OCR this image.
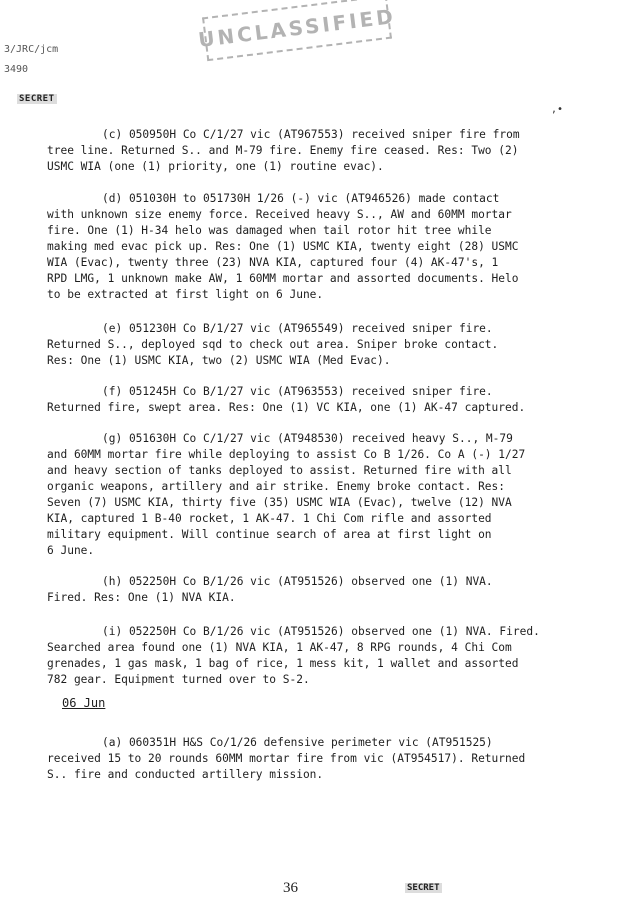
UNCLASSIFIED
3/JRC/jcm
3490
SECRET
,•

(c) 050950H Co C/1/27 vic (AT967553) received sniper fire from

tree line. Returned S.. and M-79 fire. Enemy fire ceased. Res: Two (2)

USMC WIA (one (1) priority, one (1) routine evac).

(d) 051030H to 051730H 1/26 (-) vic (AT946526) made contact

with unknown size enemy force. Received heavy S.., AW and 60MM mortar

fire. One (1) H-34 helo was damaged when tail rotor hit tree while

making med evac pick up. Res: One (1) USMC KIA, twenty eight (28) USMC

WIA (Evac), twenty three (23) NVA KIA, captured four (4) AK-47's, 1

RPD LMG, 1 unknown make AW, 1 60MM mortar and assorted documents. Helo

to be extracted at first light on 6 June.

(e) 051230H Co B/1/27 vic (AT965549) received sniper fire.

Returned S.., deployed sqd to check out area. Sniper broke contact.

Res: One (1) USMC KIA, two (2) USMC WIA (Med Evac).

(f) 051245H Co B/1/27 vic (AT963553) received sniper fire.

Returned fire, swept area. Res: One (1) VC KIA, one (1) AK-47 captured.

(g) 051630H Co C/1/27 vic (AT948530) received heavy S.., M-79

and 60MM mortar fire while deploying to assist Co B 1/26. Co A (-) 1/27

and heavy section of tanks deployed to assist. Returned fire with all

organic weapons, artillery and air strike. Enemy broke contact. Res:

Seven (7) USMC KIA, thirty five (35) USMC WIA (Evac), twelve (12) NVA

KIA, captured 1 B-40 rocket, 1 AK-47. 1 Chi Com rifle and assorted

military equipment. Will continue search of area at first light on

6 June.

(h) 052250H Co B/1/26 vic (AT951526) observed one (1) NVA.

Fired. Res: One (1) NVA KIA.

(i) 052250H Co B/1/26 vic (AT951526) observed one (1) NVA. Fired.

Searched area found one (1) NVA KIA, 1 AK-47, 8 RPG rounds, 4 Chi Com

grenades, 1 gas mask, 1 bag of rice, 1 mess kit, 1 wallet and assorted

782 gear. Equipment turned over to S-2.

06 Jun

(a) 060351H H&S Co/1/26 defensive perimeter vic (AT951525)

received 15 to 20 rounds 60MM mortar fire from vic (AT954517). Returned

S.. fire and conducted artillery mission.

36	SECRET
